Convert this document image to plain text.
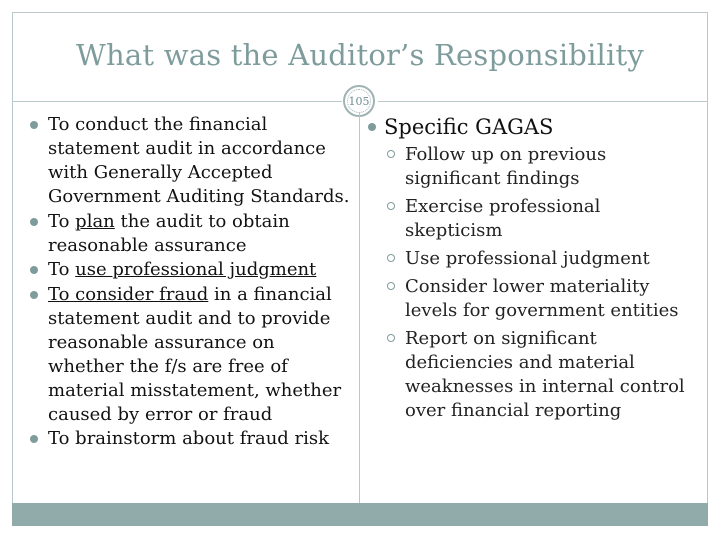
What was the Auditor’s Responsibility
105
To conduct the financial statement audit in accordance with Generally Accepted Government Auditing Standards.
To plan the audit to obtain reasonable assurance
To use professional judgment
To consider fraud in a financial statement audit and to provide reasonable assurance on whether the f/s are free of material misstatement, whether caused by error or fraud
To brainstorm about fraud risk
Specific GAGAS
Follow up on previous significant findings
Exercise professional skepticism
Use professional judgment
Consider lower materiality levels for government entities
Report on significant deficiencies and material weaknesses in internal control over financial reporting
